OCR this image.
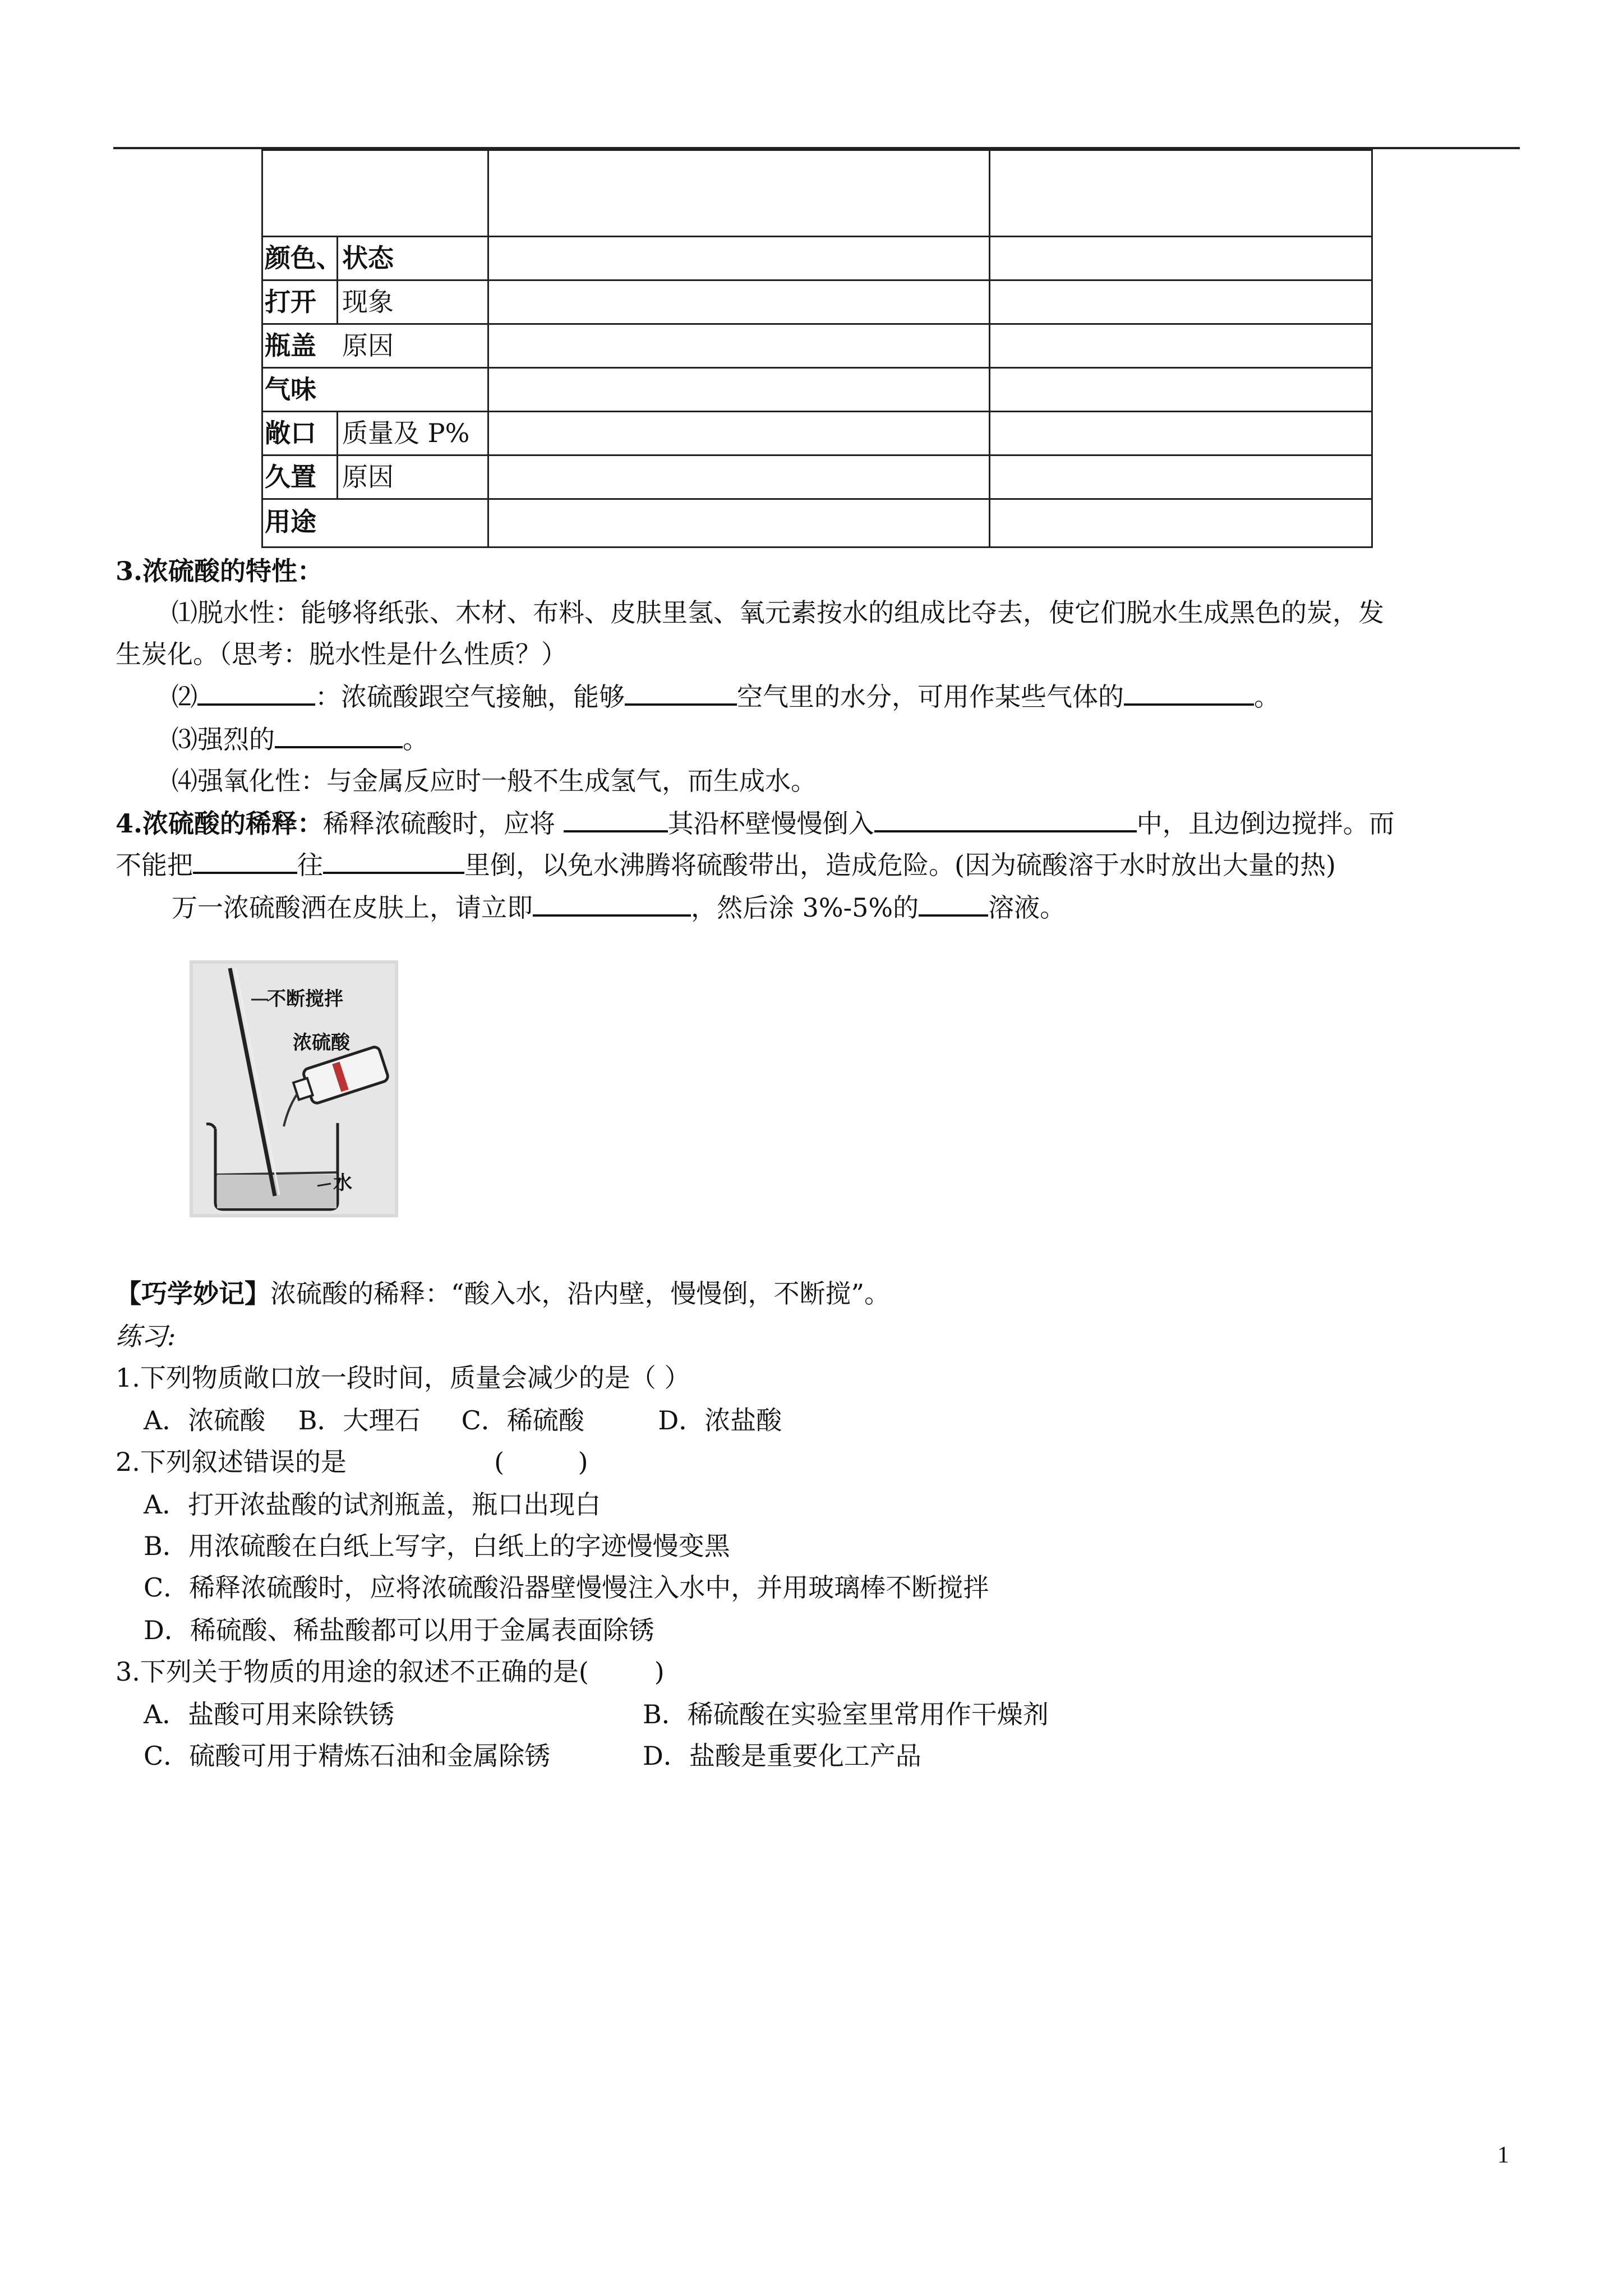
颜色、状态
打开 现象
瓶盖 原因
气味
敞口 质量及 P%
久置 原因
用途
3.浓硫酸的特性：
⑴脱水性：能够将纸张、木材、布料、皮肤里氢、氧元素按水的组成比夺去，使它们脱水生成黑色的炭，发
生炭化。（思考：脱水性是什么性质？）
⑵	：浓硫酸跟空气接触，能够	空气里的水分，可用作某些气体的	。
⑶强烈的	。
⑷强氧化性：与金属反应时一般不生成氢气，而生成水。
4.浓硫酸的稀释：稀释浓硫酸时，应将	其沿杯壁慢慢倒入	中，且边倒边搅拌。而
不能把	往	里倒，以免水沸腾将硫酸带出，造成危险。(因为硫酸溶于水时放出大量的热)
万一浓硫酸洒在皮肤上，请立即	，然后涂 3%-5%的	溶液。
不断搅拌
浓硫酸
水
【巧学妙记】浓硫酸的稀释：“酸入水，沿内壁，慢慢倒，不断搅”。
练习:
1.下列物质敞口放一段时间，质量会减少的是（ ）
A．浓硫酸    B．大理石     C．稀硫酸         D．浓盐酸
2.下列叙述错误的是                  (         )
A．打开浓盐酸的试剂瓶盖，瓶口出现白
B．用浓硫酸在白纸上写字，白纸上的字迹慢慢变黑
C．稀释浓硫酸时，应将浓硫酸沿器壁慢慢注入水中，并用玻璃棒不断搅拌
D．稀硫酸、稀盐酸都可以用于金属表面除锈
3.下列关于物质的用途的叙述不正确的是(        )
A．盐酸可用来除铁锈	B．稀硫酸在实验室里常用作干燥剂
C．硫酸可用于精炼石油和金属除锈	D．盐酸是重要化工产品
1
